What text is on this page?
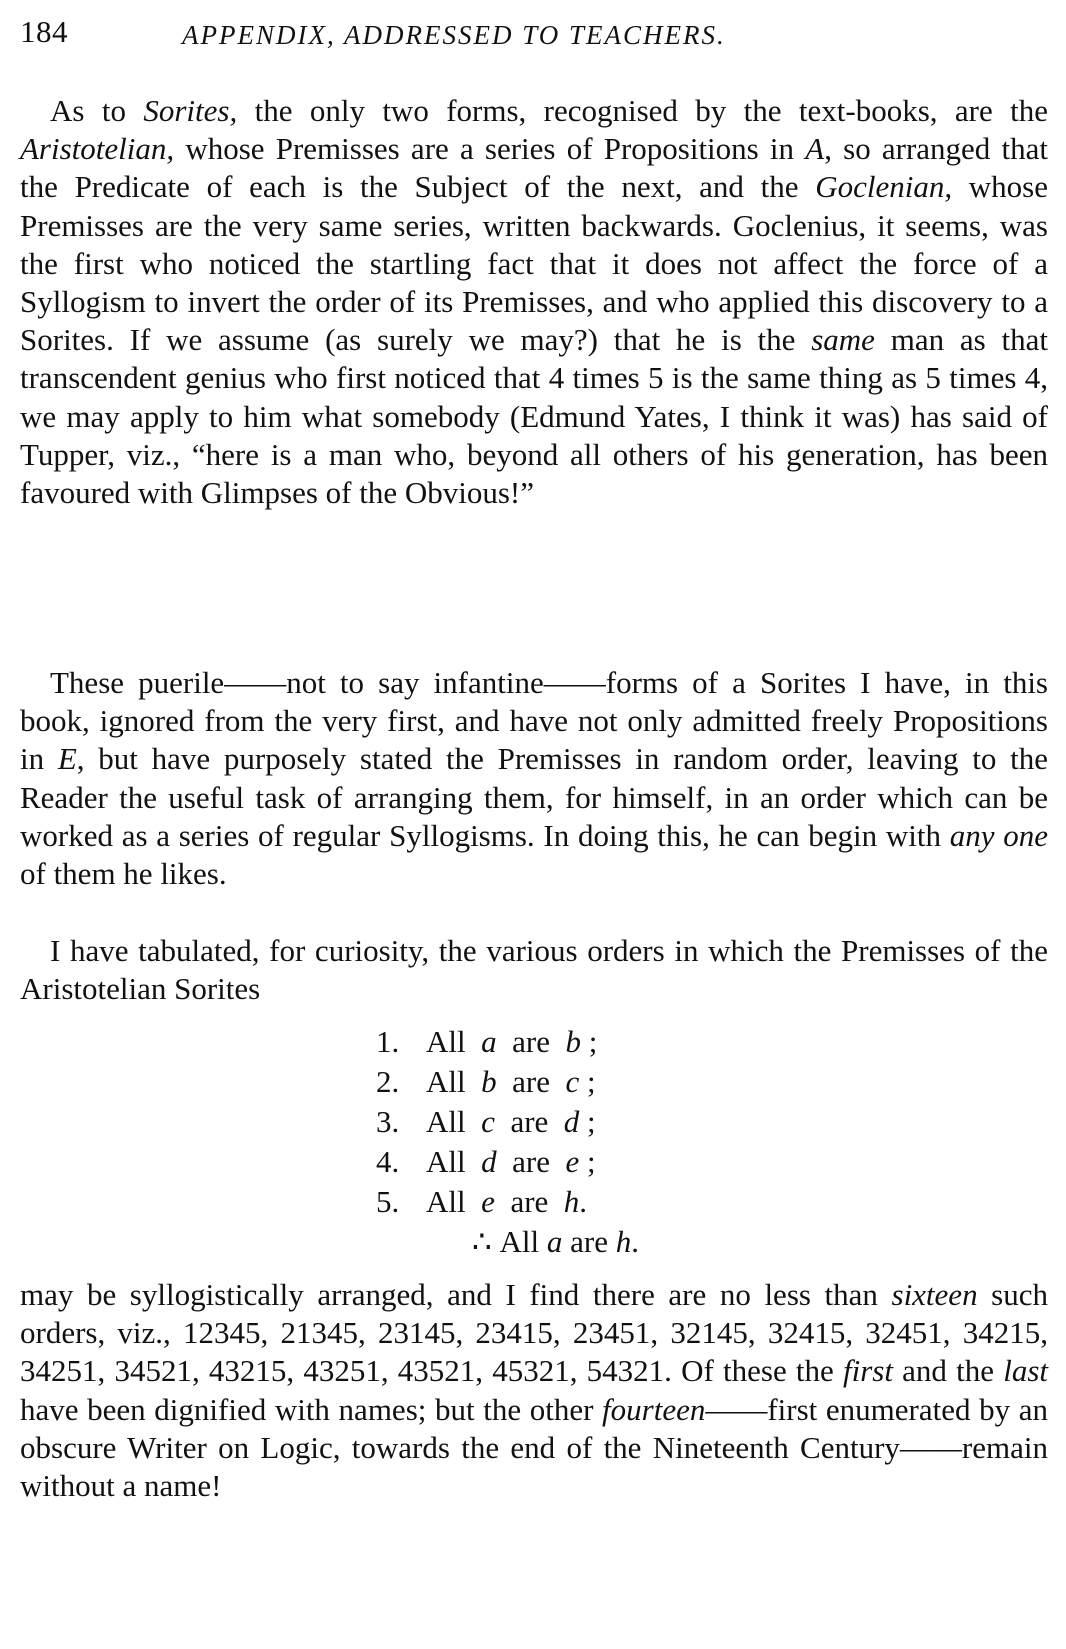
184	APPENDIX, ADDRESSED TO TEACHERS.

As to Sorites, the only two forms, recognised by the text-books, are the Aristotelian, whose Premisses are a series of Propositions in A, so arranged that the Predicate of each is the Subject of the next, and the Goclenian, whose Premisses are the very same series, written backwards. Goclenius, it seems, was the first who noticed the startling fact that it does not affect the force of a Syllogism to invert the order of its Premisses, and who applied this discovery to a Sorites. If we assume (as surely we may?) that he is the same man as that transcendent genius who first noticed that 4 times 5 is the same thing as 5 times 4, we may apply to him what somebody (Edmund Yates, I think it was) has said of Tupper, viz., “here is a man who, beyond all others of his generation, has been favoured with Glimpses of the Obvious!”

These puerile——not to say infantine——forms of a Sorites I have, in this book, ignored from the very first, and have not only admitted freely Propositions in E, but have purposely stated the Premisses in random order, leaving to the Reader the useful task of arranging them, for himself, in an order which can be worked as a series of regular Syllogisms. In doing this, he can begin with any one of them he likes.

I have tabulated, for curiosity, the various orders in which the Premisses of the Aristotelian Sorites

1. All a are b ;
2. All b are c ;
3. All c are d ;
4. All d are e ;
5. All e are h.
∴ All a are h.

may be syllogistically arranged, and I find there are no less than sixteen such orders, viz., 12345, 21345, 23145, 23415, 23451, 32145, 32415, 32451, 34215, 34251, 34521, 43215, 43251, 43521, 45321, 54321. Of these the first and the last have been dignified with names; but the other fourteen——first enumerated by an obscure Writer on Logic, towards the end of the Nineteenth Century——remain without a name!
